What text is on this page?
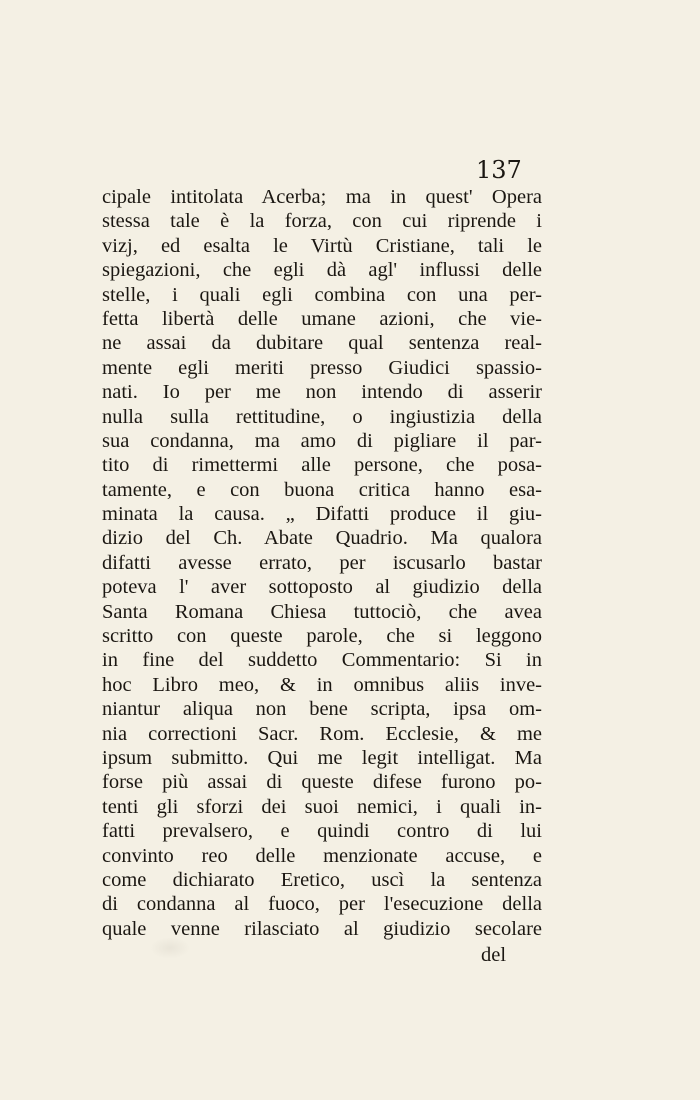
137
cipale intitolata Acerba; ma in quest' Opera
stessa tale è la forza, con cui riprende i
vizj, ed esalta le Virtù Cristiane, tali le
spiegazioni, che egli dà agl' influssi delle
stelle, i quali egli combina con una per-
fetta libertà delle umane azioni, che vie-
ne assai da dubitare qual sentenza real-
mente egli meriti presso Giudici spassio-
nati. Io per me non intendo di asserir
nulla sulla rettitudine, o ingiustizia della
sua condanna, ma amo di pigliare il par-
tito di rimettermi alle persone, che posa-
tamente, e con buona critica hanno esa-
minata la causa. „ Difatti produce il giu-
dizio del Ch. Abate Quadrio. Ma qualora
difatti avesse errato, per iscusarlo bastar
poteva l' aver sottoposto al giudizio della
Santa Romana Chiesa tuttociò, che avea
scritto con queste parole, che si leggono
in fine del suddetto Commentario: Si in
hoc Libro meo, & in omnibus aliis inve-
niantur aliqua non bene scripta, ipsa om-
nia correctioni Sacr. Rom. Ecclesie, & me
ipsum submitto. Qui me legit intelligat. Ma
forse più assai di queste difese furono po-
tenti gli sforzi dei suoi nemici, i quali in-
fatti prevalsero, e quindi contro di lui
convinto reo delle menzionate accuse, e
come dichiarato Eretico, uscì la sentenza
di condanna al fuoco, per l'esecuzione della
quale venne rilasciato al giudizio secolare
del
